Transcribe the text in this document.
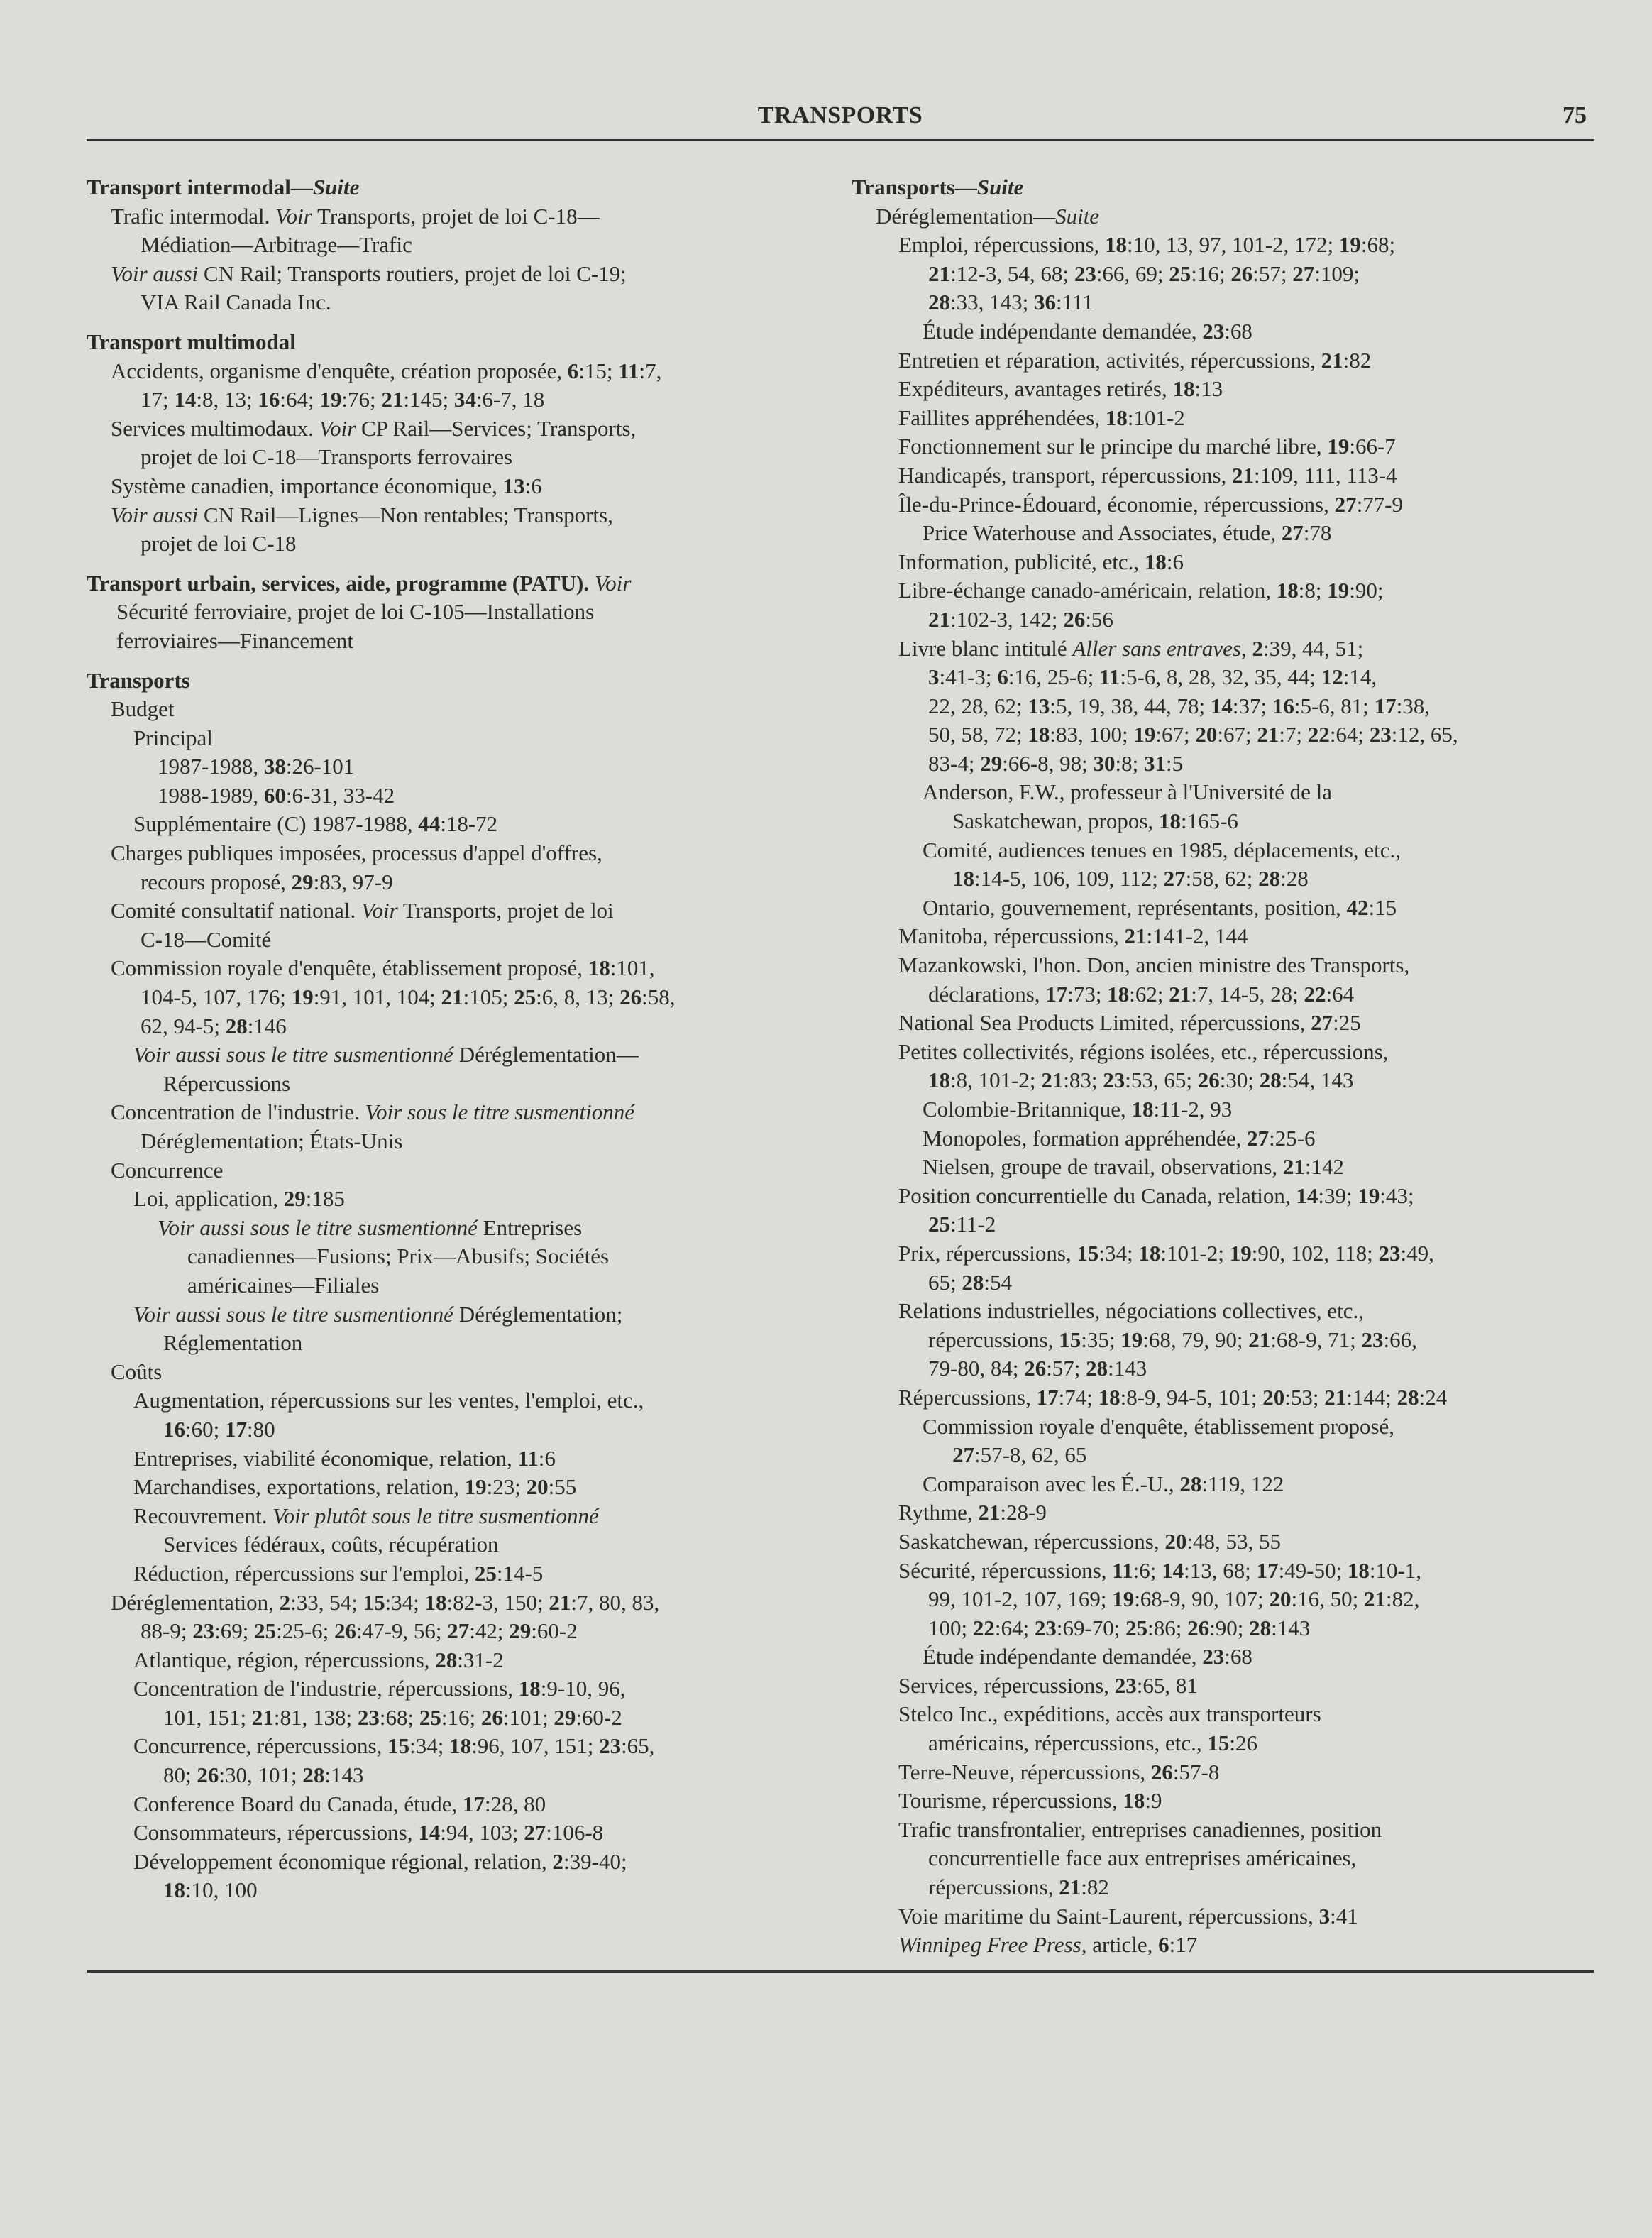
TRANSPORTS	75
Transport intermodal—Suite
Trafic intermodal. Voir Transports, projet de loi C-18—
Médiation—Arbitrage—Trafic
Voir aussi CN Rail; Transports routiers, projet de loi C-19;
VIA Rail Canada Inc.
Transport multimodal
Accidents, organisme d'enquête, création proposée, 6:15; 11:7,
17; 14:8, 13; 16:64; 19:76; 21:145; 34:6-7, 18
Services multimodaux. Voir CP Rail—Services; Transports,
projet de loi C-18—Transports ferrovaires
Système canadien, importance économique, 13:6
Voir aussi CN Rail—Lignes—Non rentables; Transports,
projet de loi C-18
Transport urbain, services, aide, programme (PATU). Voir
Sécurité ferroviaire, projet de loi C-105—Installations
ferroviaires—Financement
Transports
Budget
Principal
1987-1988, 38:26-101
1988-1989, 60:6-31, 33-42
Supplémentaire (C) 1987-1988, 44:18-72
Charges publiques imposées, processus d'appel d'offres,
recours proposé, 29:83, 97-9
Comité consultatif national. Voir Transports, projet de loi
C-18—Comité
Commission royale d'enquête, établissement proposé, 18:101,
104-5, 107, 176; 19:91, 101, 104; 21:105; 25:6, 8, 13; 26:58,
62, 94-5; 28:146
Voir aussi sous le titre susmentionné Déréglementation—
Répercussions
Concentration de l'industrie. Voir sous le titre susmentionné
Déréglementation; États-Unis
Concurrence
Loi, application, 29:185
Voir aussi sous le titre susmentionné Entreprises
canadiennes—Fusions; Prix—Abusifs; Sociétés
américaines—Filiales
Voir aussi sous le titre susmentionné Déréglementation;
Réglementation
Coûts
Augmentation, répercussions sur les ventes, l'emploi, etc.,
16:60; 17:80
Entreprises, viabilité économique, relation, 11:6
Marchandises, exportations, relation, 19:23; 20:55
Recouvrement. Voir plutôt sous le titre susmentionné
Services fédéraux, coûts, récupération
Réduction, répercussions sur l'emploi, 25:14-5
Déréglementation, 2:33, 54; 15:34; 18:82-3, 150; 21:7, 80, 83,
88-9; 23:69; 25:25-6; 26:47-9, 56; 27:42; 29:60-2
Atlantique, région, répercussions, 28:31-2
Concentration de l'industrie, répercussions, 18:9-10, 96,
101, 151; 21:81, 138; 23:68; 25:16; 26:101; 29:60-2
Concurrence, répercussions, 15:34; 18:96, 107, 151; 23:65,
80; 26:30, 101; 28:143
Conference Board du Canada, étude, 17:28, 80
Consommateurs, répercussions, 14:94, 103; 27:106-8
Développement économique régional, relation, 2:39-40;
18:10, 100
Transports—Suite
Déréglementation—Suite
Emploi, répercussions, 18:10, 13, 97, 101-2, 172; 19:68;
21:12-3, 54, 68; 23:66, 69; 25:16; 26:57; 27:109;
28:33, 143; 36:111
Étude indépendante demandée, 23:68
Entretien et réparation, activités, répercussions, 21:82
Expéditeurs, avantages retirés, 18:13
Faillites appréhendées, 18:101-2
Fonctionnement sur le principe du marché libre, 19:66-7
Handicapés, transport, répercussions, 21:109, 111, 113-4
Île-du-Prince-Édouard, économie, répercussions, 27:77-9
Price Waterhouse and Associates, étude, 27:78
Information, publicité, etc., 18:6
Libre-échange canado-américain, relation, 18:8; 19:90;
21:102-3, 142; 26:56
Livre blanc intitulé Aller sans entraves, 2:39, 44, 51;
3:41-3; 6:16, 25-6; 11:5-6, 8, 28, 32, 35, 44; 12:14,
22, 28, 62; 13:5, 19, 38, 44, 78; 14:37; 16:5-6, 81; 17:38,
50, 58, 72; 18:83, 100; 19:67; 20:67; 21:7; 22:64; 23:12, 65,
83-4; 29:66-8, 98; 30:8; 31:5
Anderson, F.W., professeur à l'Université de la
Saskatchewan, propos, 18:165-6
Comité, audiences tenues en 1985, déplacements, etc.,
18:14-5, 106, 109, 112; 27:58, 62; 28:28
Ontario, gouvernement, représentants, position, 42:15
Manitoba, répercussions, 21:141-2, 144
Mazankowski, l'hon. Don, ancien ministre des Transports,
déclarations, 17:73; 18:62; 21:7, 14-5, 28; 22:64
National Sea Products Limited, répercussions, 27:25
Petites collectivités, régions isolées, etc., répercussions,
18:8, 101-2; 21:83; 23:53, 65; 26:30; 28:54, 143
Colombie-Britannique, 18:11-2, 93
Monopoles, formation appréhendée, 27:25-6
Nielsen, groupe de travail, observations, 21:142
Position concurrentielle du Canada, relation, 14:39; 19:43;
25:11-2
Prix, répercussions, 15:34; 18:101-2; 19:90, 102, 118; 23:49,
65; 28:54
Relations industrielles, négociations collectives, etc.,
répercussions, 15:35; 19:68, 79, 90; 21:68-9, 71; 23:66,
79-80, 84; 26:57; 28:143
Répercussions, 17:74; 18:8-9, 94-5, 101; 20:53; 21:144; 28:24
Commission royale d'enquête, établissement proposé,
27:57-8, 62, 65
Comparaison avec les É.-U., 28:119, 122
Rythme, 21:28-9
Saskatchewan, répercussions, 20:48, 53, 55
Sécurité, répercussions, 11:6; 14:13, 68; 17:49-50; 18:10-1,
99, 101-2, 107, 169; 19:68-9, 90, 107; 20:16, 50; 21:82,
100; 22:64; 23:69-70; 25:86; 26:90; 28:143
Étude indépendante demandée, 23:68
Services, répercussions, 23:65, 81
Stelco Inc., expéditions, accès aux transporteurs
américains, répercussions, etc., 15:26
Terre-Neuve, répercussions, 26:57-8
Tourisme, répercussions, 18:9
Trafic transfrontalier, entreprises canadiennes, position
concurrentielle face aux entreprises américaines,
répercussions, 21:82
Voie maritime du Saint-Laurent, répercussions, 3:41
Winnipeg Free Press, article, 6:17
